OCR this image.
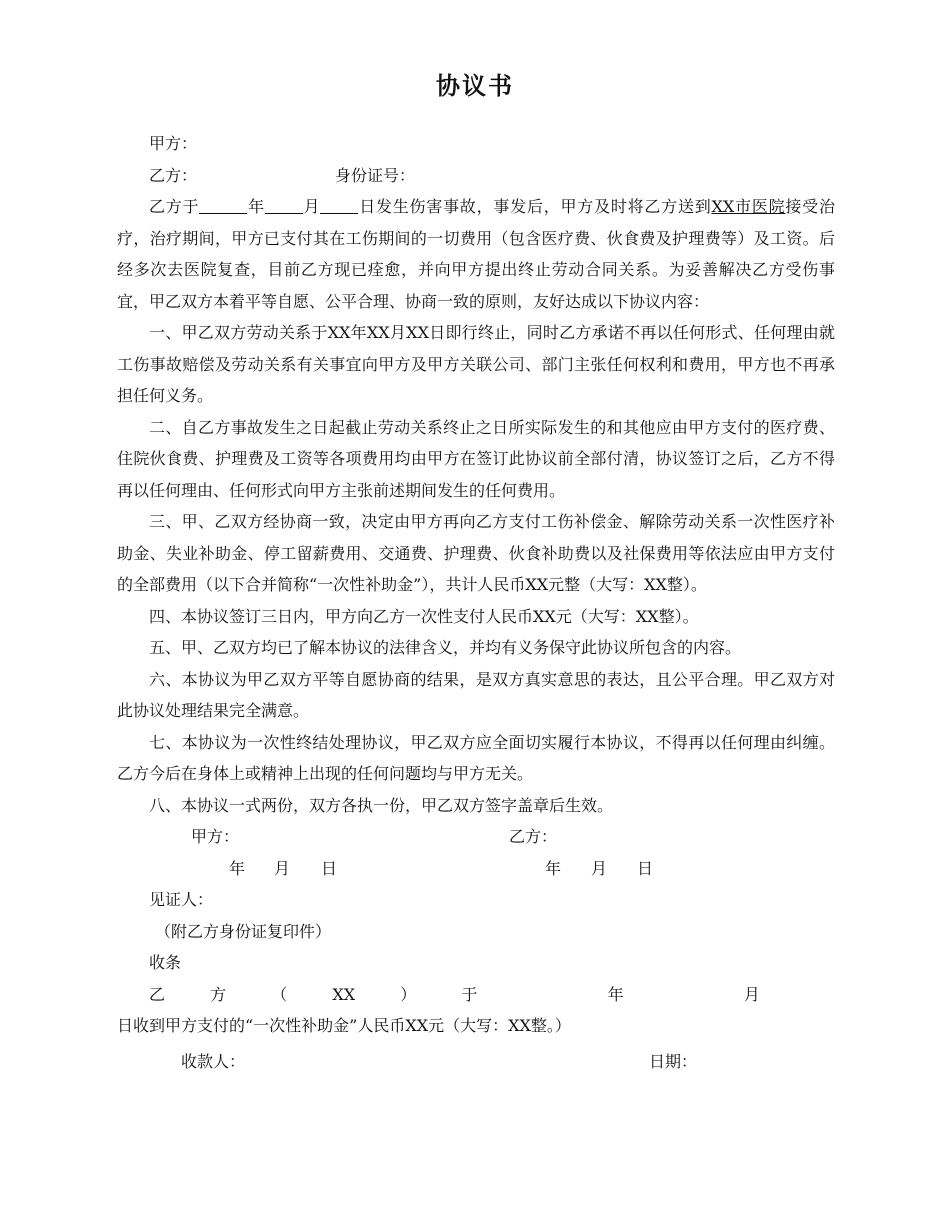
协议书

甲方：

乙方：	身份证号：

乙方于	年 月 日发生伤害事故，事发后，甲方及时将乙方送到XX市医院接受治疗，治疗期间，甲方已支付其在工伤期间的一切费用（包含医疗费、伙食费及护理费等）及工资。后经多次去医院复查，目前乙方现已痊愈，并向甲方提出终止劳动合同关系。为妥善解决乙方受伤事宜，甲乙双方本着平等自愿、公平合理、协商一致的原则，友好达成以下协议内容：

一、甲乙双方劳动关系于XX年XX月XX日即行终止，同时乙方承诺不再以任何形式、任何理由就工伤事故赔偿及劳动关系有关事宜向甲方及甲方关联公司、部门主张任何权利和费用，甲方也不再承担任何义务。

二、自乙方事故发生之日起截止劳动关系终止之日所实际发生的和其他应由甲方支付的医疗费、住院伙食费、护理费及工资等各项费用均由甲方在签订此协议前全部付清，协议签订之后，乙方不得再以任何理由、任何形式向甲方主张前述期间发生的任何费用。

三、甲、乙双方经协商一致，决定由甲方再向乙方支付工伤补偿金、解除劳动关系一次性医疗补助金、失业补助金、停工留薪费用、交通费、护理费、伙食补助费以及社保费用等依法应由甲方支付的全部费用（以下合并简称“一次性补助金”），共计人民币XX元整（大写：XX整）。

四、本协议签订三日内，甲方向乙方一次性支付人民币XX元（大写：XX整）。

五、甲、乙双方均已了解本协议的法律含义，并均有义务保守此协议所包含的内容。

六、本协议为甲乙双方平等自愿协商的结果，是双方真实意思的表达，且公平合理。甲乙双方对此协议处理结果完全满意。

七、本协议为一次性终结处理协议，甲乙双方应全面切实履行本协议，不得再以任何理由纠缠。乙方今后在身体上或精神上出现的任何问题均与甲方无关。

八、本协议一式两份，双方各执一份，甲乙双方签字盖章后生效。

甲方：	乙方：
年 月 日	年 月 日

见证人：

（附乙方身份证复印件）

收条

乙方（XX）于	年 月日收到甲方支付的“一次性补助金”人民币XX元（大写：XX整。）

收款人：	日期：
